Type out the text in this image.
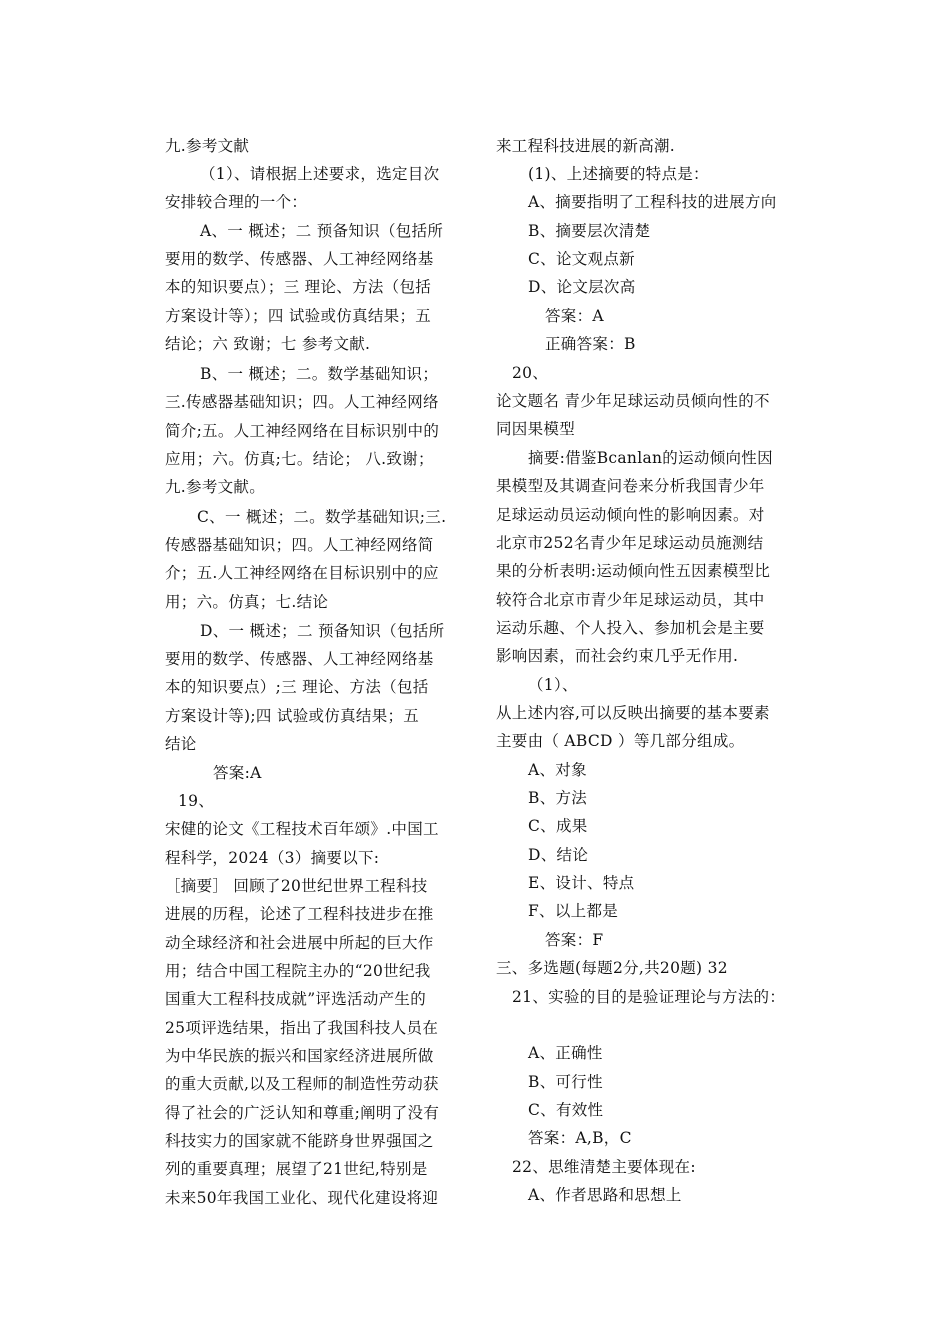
九.参考文献
（1）、请根据上述要求，选定目次
安排较合理的一个：
A、一 概述；二 预备知识（包括所
要用的数学、传感器、人工神经网络基
本的知识要点）；三 理论、方法（包括
方案设计等）；四 试验或仿真结果；五
结论；六 致谢；七 参考文献.
B、一 概述；二。数学基础知识；
三.传感器基础知识；四。人工神经网络
简介;五。人工神经网络在目标识别中的
应用；六。仿真;七。结论； 八.致谢；
九.参考文献。
C、一 概述；二。数学基础知识;三.
传感器基础知识；四。人工神经网络简
介；五.人工神经网络在目标识别中的应
用；六。仿真；七.结论
D、一 概述；二 预备知识（包括所
要用的数学、传感器、人工神经网络基
本的知识要点）;三 理论、方法（包括
方案设计等);四 试验或仿真结果；五
结论
答案:A
19、
宋健的论文《工程技术百年颂》.中国工
程科学，2024（3）摘要以下:
［摘要］ 回顾了20世纪世界工程科技
进展的历程，论述了工程科技进步在推
动全球经济和社会进展中所起的巨大作
用；结合中国工程院主办的“20世纪我
国重大工程科技成就”评选活动产生的
25项评选结果，指出了我国科技人员在
为中华民族的振兴和国家经济进展所做
的重大贡献,以及工程师的制造性劳动获
得了社会的广泛认知和尊重;阐明了没有
科技实力的国家就不能跻身世界强国之
列的重要真理；展望了21世纪,特别是
未来50年我国工业化、现代化建设将迎
来工程科技进展的新高潮.
(1)、上述摘要的特点是：
A、摘要指明了工程科技的进展方向
B、摘要层次清楚
C、论文观点新
D、论文层次高
答案：A
正确答案：B
20、
论文题名 青少年足球运动员倾向性的不
同因果模型
摘要:借鉴Bcanlan的运动倾向性因
果模型及其调查问卷来分析我国青少年
足球运动员运动倾向性的影响因素。对
北京市252名青少年足球运动员施测结
果的分析表明:运动倾向性五因素模型比
较符合北京市青少年足球运动员，其中
运动乐趣、个人投入、参加机会是主要
影响因素，而社会约束几乎无作用.
（1）、
从上述内容,可以反映出摘要的基本要素
主要由（ ABCD ）等几部分组成。
A、对象
B、方法
C、成果
D、结论
E、设计、特点
F、以上都是
答案：F
三、多选题(每题2分,共20题) 32
21、实验的目的是验证理论与方法的：
A、正确性
B、可行性
C、有效性
答案：A,B，C
22、思维清楚主要体现在:
A、作者思路和思想上
